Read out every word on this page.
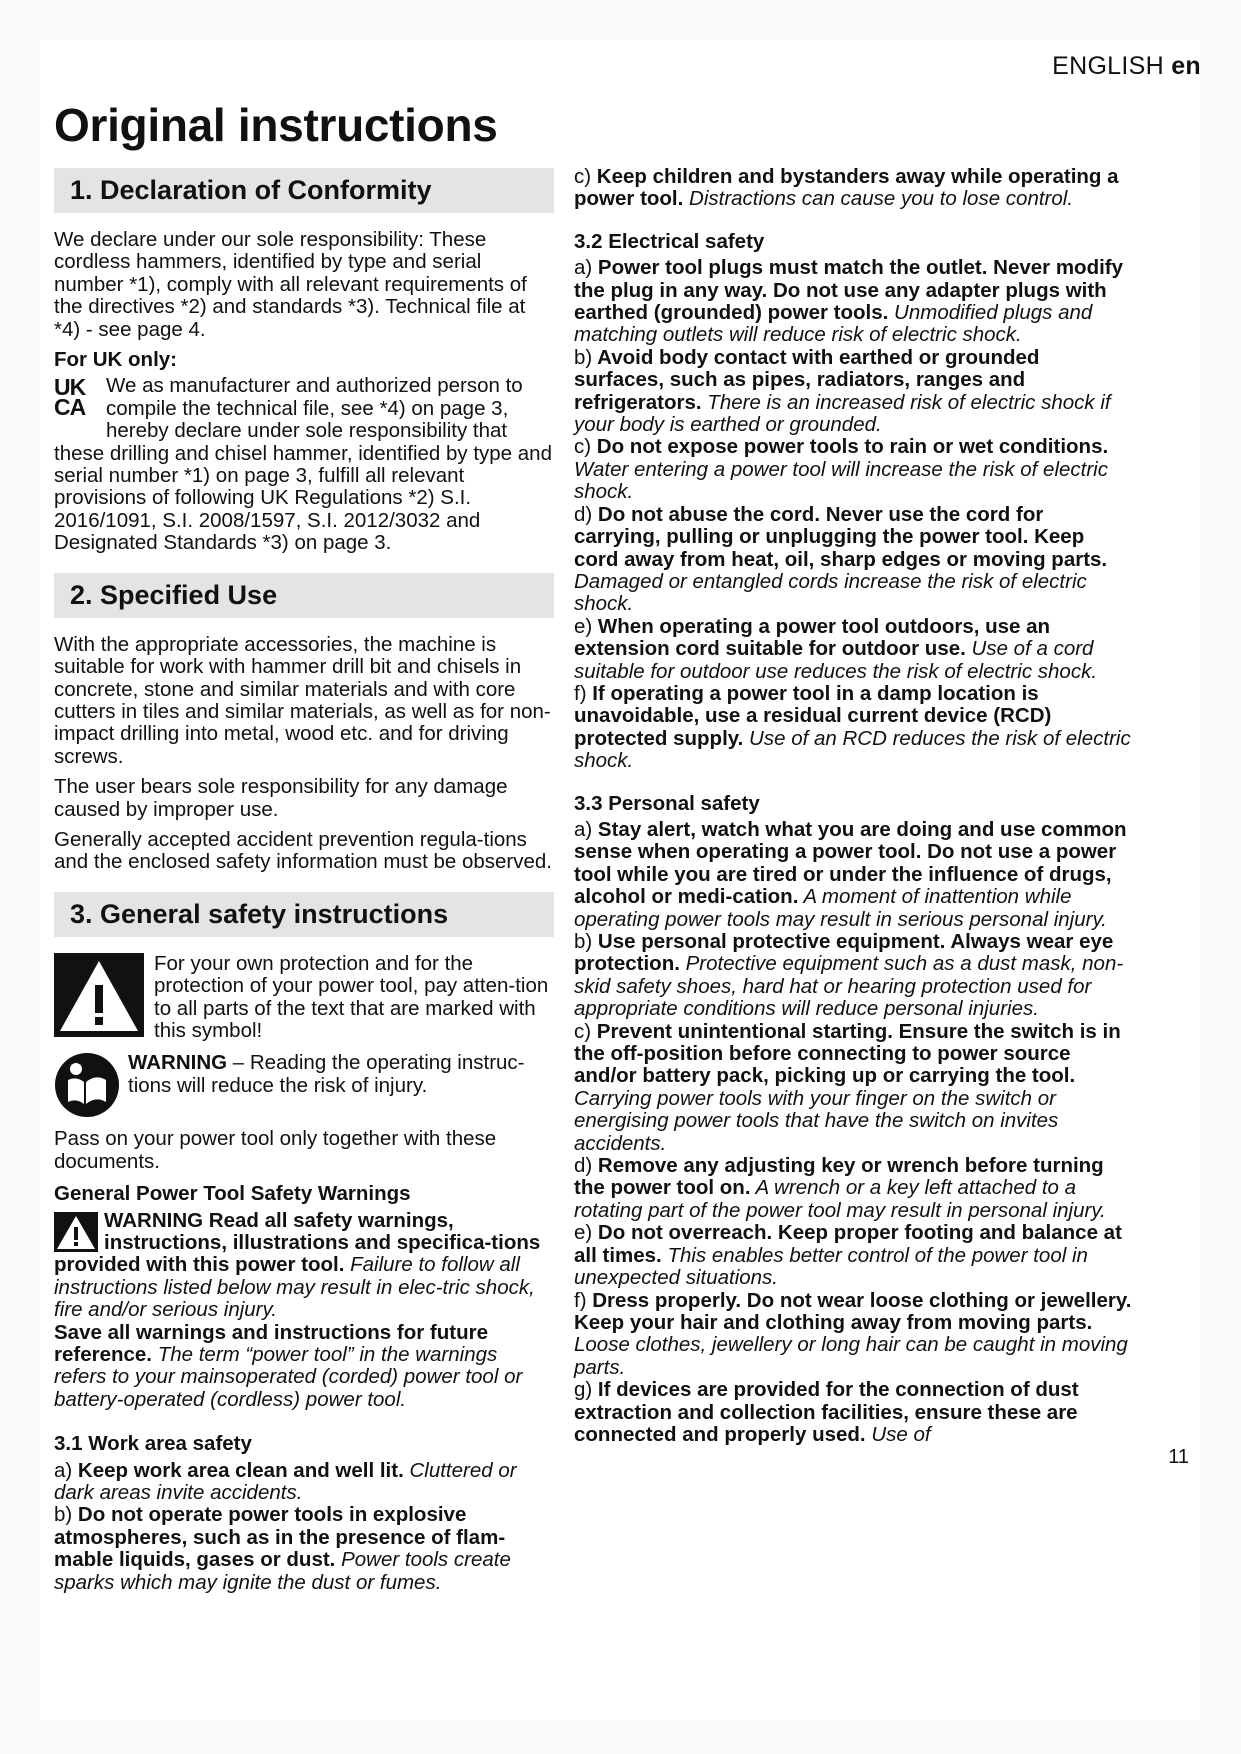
ENGLISH en
Original instructions
1. Declaration of Conformity

We declare under our sole responsibility: These cordless hammers, identified by type and serial number *1), comply with all relevant requirements of the directives *2) and standards *3). Technical file at *4) - see page 4.

For UK only:

UK
CA

We as manufacturer and authorized person to compile the technical file, see *4) on page 3, hereby declare under sole responsibility that these drilling and chisel hammer, identified by type and serial number *1) on page 3, fulfill all relevant provisions of following UK Regulations *2) S.I. 2016/1091, S.I. 2008/1597, S.I. 2012/3032 and Designated Standards *3) on page 3.

2. Specified Use

With the appropriate accessories, the machine is suitable for work with hammer drill bit and chisels in concrete, stone and similar materials and with core cutters in tiles and similar materials, as well as for non-impact drilling into metal, wood etc. and for driving screws.

The user bears sole responsibility for any damage caused by improper use.

Generally accepted accident prevention regula-tions and the enclosed safety information must be observed.

3. General safety instructions

For your own protection and for the protection of your power tool, pay atten-tion to all parts of the text that are marked with this symbol!

WARNING – Reading the operating instruc-tions will reduce the risk of injury.

Pass on your power tool only together with these documents.

General Power Tool Safety Warnings

WARNING Read all safety warnings, instructions, illustrations and specifica-tions provided with this power tool. Failure to follow all instructions listed below may result in elec-tric shock, fire and/or serious injury.

Save all warnings and instructions for future reference. The term “power tool” in the warnings refers to your mainsoperated (corded) power tool or battery-operated (cordless) power tool.

3.1 Work area safety

a) Keep work area clean and well lit. Cluttered or dark areas invite accidents.

b) Do not operate power tools in explosive atmospheres, such as in the presence of flam-mable liquids, gases or dust. Power tools create sparks which may ignite the dust or fumes.

c) Keep children and bystanders away while operating a power tool. Distractions can cause you to lose control.

3.2 Electrical safety

a) Power tool plugs must match the outlet. Never modify the plug in any way. Do not use any adapter plugs with earthed (grounded) power tools. Unmodified plugs and matching outlets will reduce risk of electric shock.

b) Avoid body contact with earthed or grounded surfaces, such as pipes, radiators, ranges and refrigerators. There is an increased risk of electric shock if your body is earthed or grounded.

c) Do not expose power tools to rain or wet conditions. Water entering a power tool will increase the risk of electric shock.

d) Do not abuse the cord. Never use the cord for carrying, pulling or unplugging the power tool. Keep cord away from heat, oil, sharp edges or moving parts. Damaged or entangled cords increase the risk of electric shock.

e) When operating a power tool outdoors, use an extension cord suitable for outdoor use. Use of a cord suitable for outdoor use reduces the risk of electric shock.

f) If operating a power tool in a damp location is unavoidable, use a residual current device (RCD) protected supply. Use of an RCD reduces the risk of electric shock.

3.3 Personal safety

a) Stay alert, watch what you are doing and use common sense when operating a power tool. Do not use a power tool while you are tired or under the influence of drugs, alcohol or medi-cation. A moment of inattention while operating power tools may result in serious personal injury.

b) Use personal protective equipment. Always wear eye protection. Protective equipment such as a dust mask, non-skid safety shoes, hard hat or hearing protection used for appropriate conditions will reduce personal injuries.

c) Prevent unintentional starting. Ensure the switch is in the off-position before connecting to power source and/or battery pack, picking up or carrying the tool. Carrying power tools with your finger on the switch or energising power tools that have the switch on invites accidents.

d) Remove any adjusting key or wrench before turning the power tool on. A wrench or a key left attached to a rotating part of the power tool may result in personal injury.

e) Do not overreach. Keep proper footing and balance at all times. This enables better control of the power tool in unexpected situations.

f) Dress properly. Do not wear loose clothing or jewellery. Keep your hair and clothing away from moving parts. Loose clothes, jewellery or long hair can be caught in moving parts.

g) If devices are provided for the connection of dust extraction and collection facilities, ensure these are connected and properly used. Use of

11
